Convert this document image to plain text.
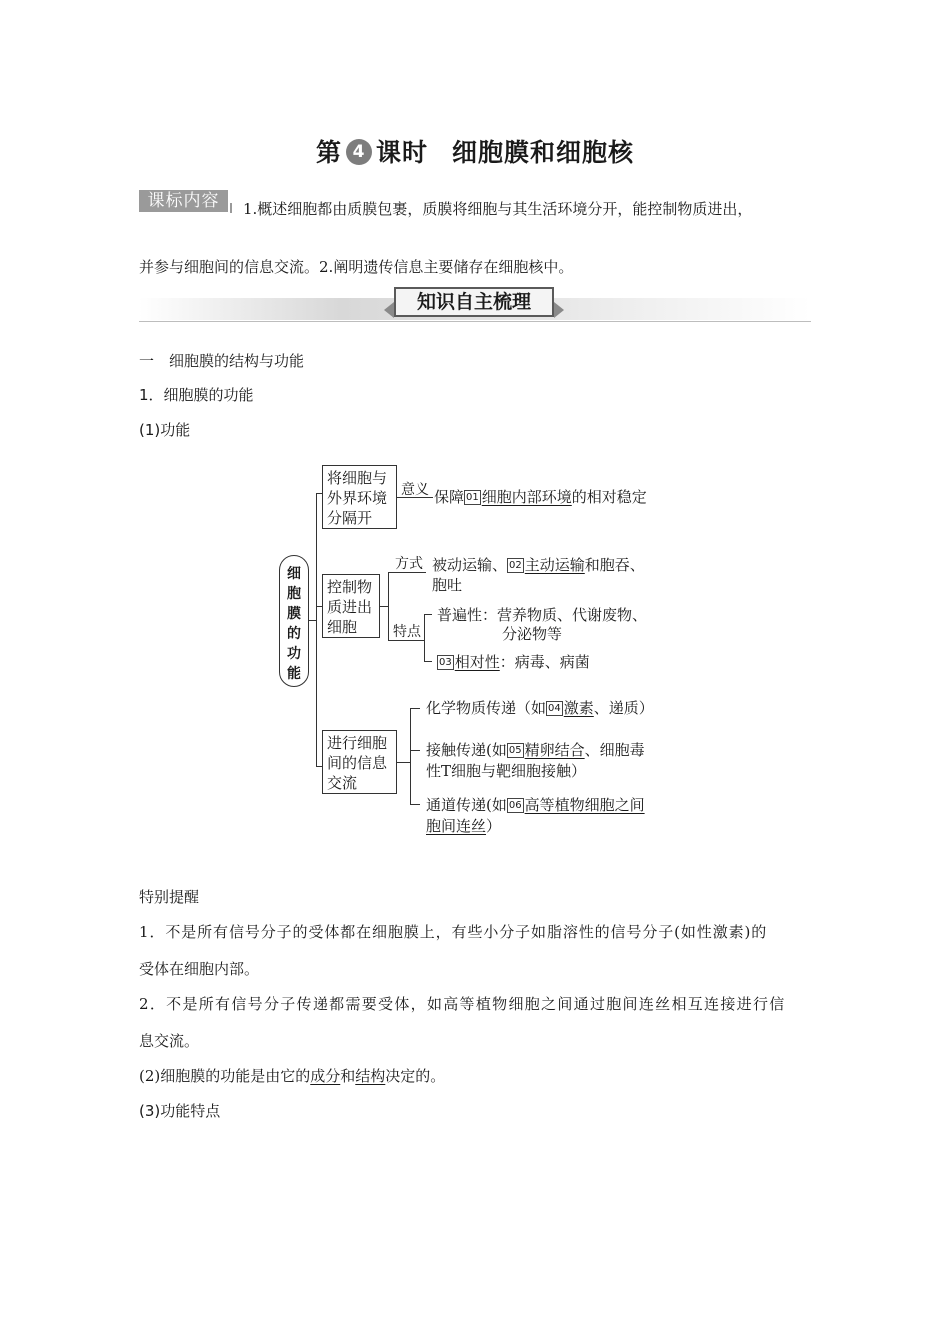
第 4 课时 细胞膜和细胞核
课标内容	1.概述细胞都由质膜包裹，质膜将细胞与其生活环境分开，能控制物质进出，
并参与细胞间的信息交流。2.阐明遗传信息主要储存在细胞核中。
知识自主梳理
一　细胞膜的结构与功能
1．细胞膜的功能
(1)功能
细
胞
膜
的
功
能
将细胞与外界环境分隔开
意义 保障 01 细胞内部环境的相对稳定
控制物质进出细胞
方式 被动运输、 02 主动运输和胞吞、
胞吐
特点
普遍性：营养物质、代谢废物、
分泌物等
03 相对性：病毒、病菌
进行细胞间的信息交流
化学物质传递（如 04 激素、递质）
接触传递(如 05 精卵结合、细胞毒
性T细胞与靶细胞接触）
通道传递(如 06 高等植物细胞之间
胞间连丝）
特别提醒
1．不是所有信号分子的受体都在细胞膜上，有些小分子如脂溶性的信号分子(如性激素)的
受体在细胞内部。
2．不是所有信号分子传递都需要受体，如高等植物细胞之间通过胞间连丝相互连接进行信
息交流。
(2)细胞膜的功能是由它的成分和结构决定的。
(3)功能特点
